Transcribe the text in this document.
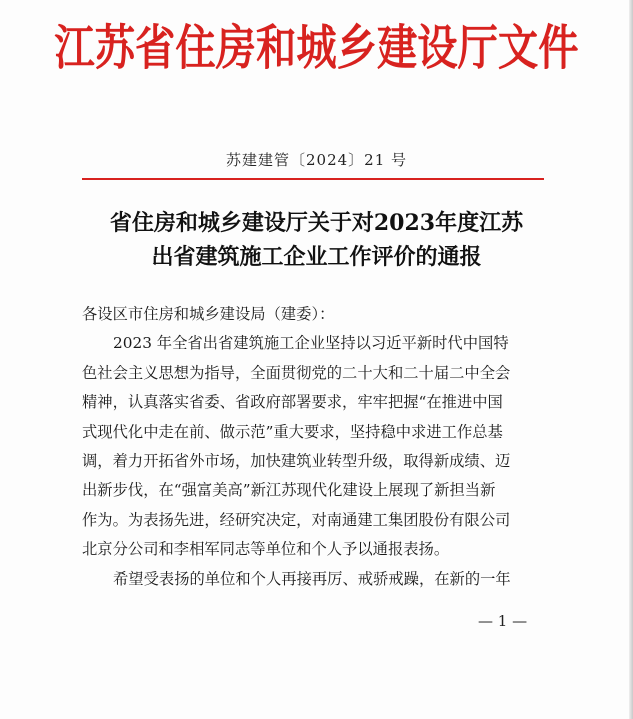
江苏省住房和城乡建设厅文件
苏建建管〔2024〕21 号
省住房和城乡建设厅关于对2023年度江苏
出省建筑施工企业工作评价的通报
各设区市住房和城乡建设局（建委）：
2023 年全省出省建筑施工企业坚持以习近平新时代中国特
色社会主义思想为指导，全面贯彻党的二十大和二十届二中全会
精神，认真落实省委、省政府部署要求，牢牢把握“在推进中国
式现代化中走在前、做示范”重大要求，坚持稳中求进工作总基
调，着力开拓省外市场，加快建筑业转型升级，取得新成绩、迈
出新步伐，在“强富美高”新江苏现代化建设上展现了新担当新
作为。为表扬先进，经研究决定，对南通建工集团股份有限公司
北京分公司和李相军同志等单位和个人予以通报表扬。
希望受表扬的单位和个人再接再厉、戒骄戒躁，在新的一年
— 1 —
